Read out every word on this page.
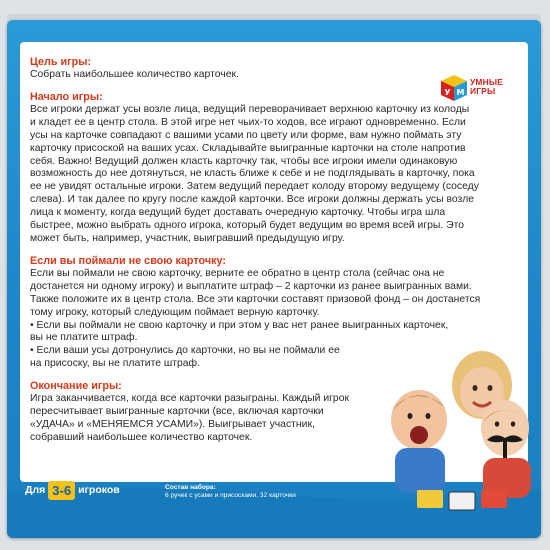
У М
УМНЫЕ
ИГРЫ
Цель игры:
Собрать наибольшее количество карточек.
Начало игры:
Все игроки держат усы возле лица, ведущий переворачивает верхнюю карточку из колоды
и кладет ее в центр стола. В этой игре нет чьих-то ходов, все играют одновременно. Если
усы на карточке совпадают с вашими усами по цвету или форме, вам нужно поймать эту
карточку присоской на ваших усах. Складывайте выигранные карточки на столе напротив
себя. Важно! Ведущий должен класть карточку так, чтобы все игроки имели одинаковую
возможность до нее дотянуться, не класть ближе к себе и не подглядывать в карточку, пока
ее не увидят остальные игроки. Затем ведущий передает колоду второму ведущему (соседу
слева). И так далее по кругу после каждой карточки. Все игроки должны держать усы возле
лица к моменту, когда ведущий будет доставать очередную карточку. Чтобы игра шла
быстрее, можно выбрать одного игрока, который будет ведущим во время всей игры. Это
может быть, например, участник, выигравший предыдущую игру.
Если вы поймали не свою карточку:
Если вы поймали не свою карточку, верните ее обратно в центр стола (сейчас она не
достанется ни одному игроку) и выплатите штраф – 2 карточки из ранее выигранных вами.
Также положите их в центр стола. Все эти карточки составят призовой фонд – он достанется
тому игроку, который следующим поймает верную карточку.
• Если вы поймали не свою карточку и при этом у вас нет ранее выигранных карточек,
вы не платите штраф.
• Если ваши усы дотронулись до карточки, но вы не поймали ее
на присоску, вы не платите штраф.
Окончание игры:
Игра заканчивается, когда все карточки разыграны. Каждый игрок
пересчитывает выигранные карточки (все, включая карточки
«УДАЧА» и «МЕНЯЕМСЯ УСАМИ»). Выигрывает участник,
собравший наибольшее количество карточек.
Для 3-6 игроков	Состав набора:
6 ручек с усами и присосками, 32 карточки
